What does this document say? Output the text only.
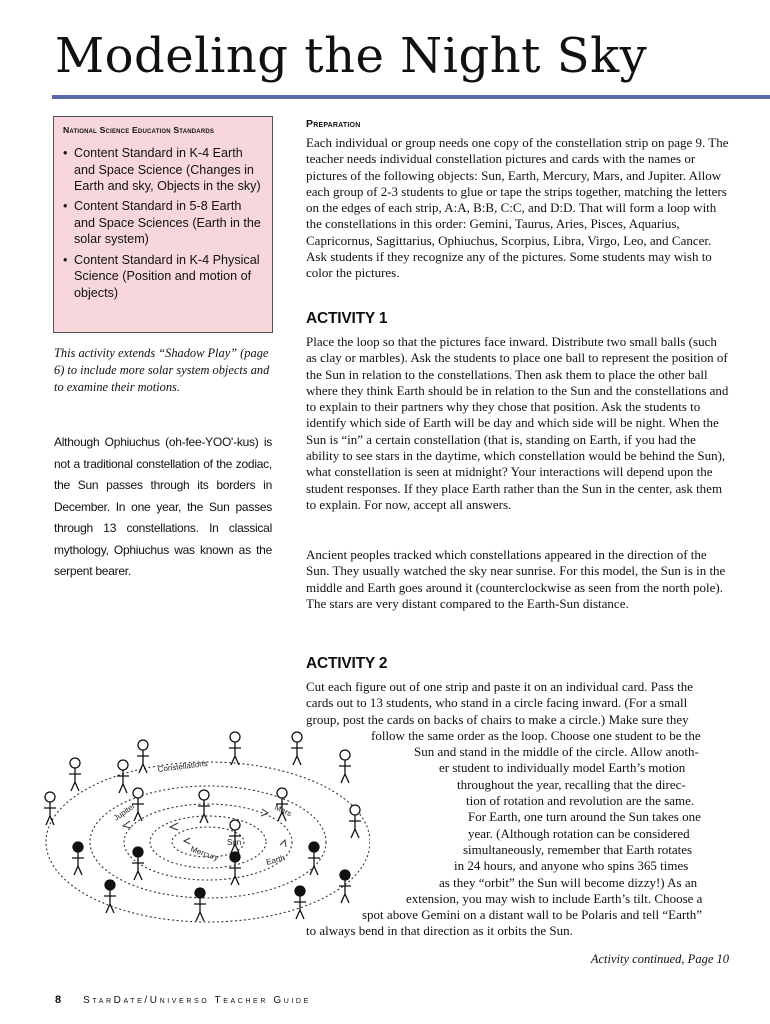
Modeling the Night Sky
National Science Education Standards
• Content Standard in K-4 Earth and Space Science (Changes in Earth and sky, Objects in the sky)
• Content Standard in 5-8 Earth and Space Sciences (Earth in the solar system)
• Content Standard in K-4 Physical Science (Position and motion of objects)
This activity extends “Shadow Play” (page 6) to include more solar system objects and to examine their motions.
Although Ophiuchus (oh-fee-YOO'-kus) is not a traditional constellation of the zodiac, the Sun passes through its borders in December. In one year, the Sun passes through 13 constellations. In classical mythology, Ophiuchus was known as the serpent bearer.
Preparation
Each individual or group needs one copy of the constellation strip on page 9. The teacher needs individual constellation pictures and cards with the names or pictures of the following objects: Sun, Earth, Mercury, Mars, and Jupiter. Allow each group of 2-3 students to glue or tape the strips together, matching the letters on the edges of each strip, A:A, B:B, C:C, and D:D. That will form a loop with the constellations in this order: Gemini, Taurus, Aries, Pisces, Aquarius, Capricornus, Sagittarius, Ophiuchus, Scorpius, Libra, Virgo, Leo, and Cancer. Ask students if they recognize any of the pictures. Some students may wish to color the pictures.
ACTIVITY 1
Place the loop so that the pictures face inward. Distribute two small balls (such as clay or marbles). Ask the students to place one ball to represent the position of the Sun in relation to the constellations. Then ask them to place the other ball where they think Earth should be in relation to the Sun and the constellations and to explain to their partners why they chose that position. Ask the students to identify which side of Earth will be day and which side will be night. When the Sun is “in” a certain constellation (that is, standing on Earth, if you had the ability to see stars in the daytime, which constellation would be behind the Sun), what constellation is seen at midnight? Your interactions will depend upon the student responses. If they place Earth rather than the Sun in the center, ask them to explain. For now, accept all answers.
Ancient peoples tracked which constellations appeared in the direction of the Sun. They usually watched the sky near sunrise. For this model, the Sun is in the middle and Earth goes around it (counterclockwise as seen from the north pole). The stars are very distant compared to the Earth-Sun distance.
ACTIVITY 2
Cut each figure out of one strip and paste it on an individual card. Pass the
cards out to 13 students, who stand in a circle facing inward. (For a small
group, post the cards on backs of chairs to make a circle.) Make sure they
follow the same order as the loop. Choose one student to be the
Sun and stand in the middle of the circle. Allow anoth-
er student to individually model Earth’s motion
throughout the year, recalling that the direc-
tion of rotation and revolution are the same.
For Earth, one turn around the Sun takes one
year. (Although rotation can be considered
simultaneously, remember that Earth rotates
in 24 hours, and anyone who spins 365 times
as they “orbit” the Sun will become dizzy!) As an
extension, you may wish to include Earth’s tilt. Choose a
spot above Gemini on a distant wall to be Polaris and tell “Earth”
to always bend in that direction as it orbits the Sun.
Constellations
Jupiter	Mars
Sun
Mercury	Earth
Activity continued, Page 10
8 StarDate/Universo Teacher Guide
